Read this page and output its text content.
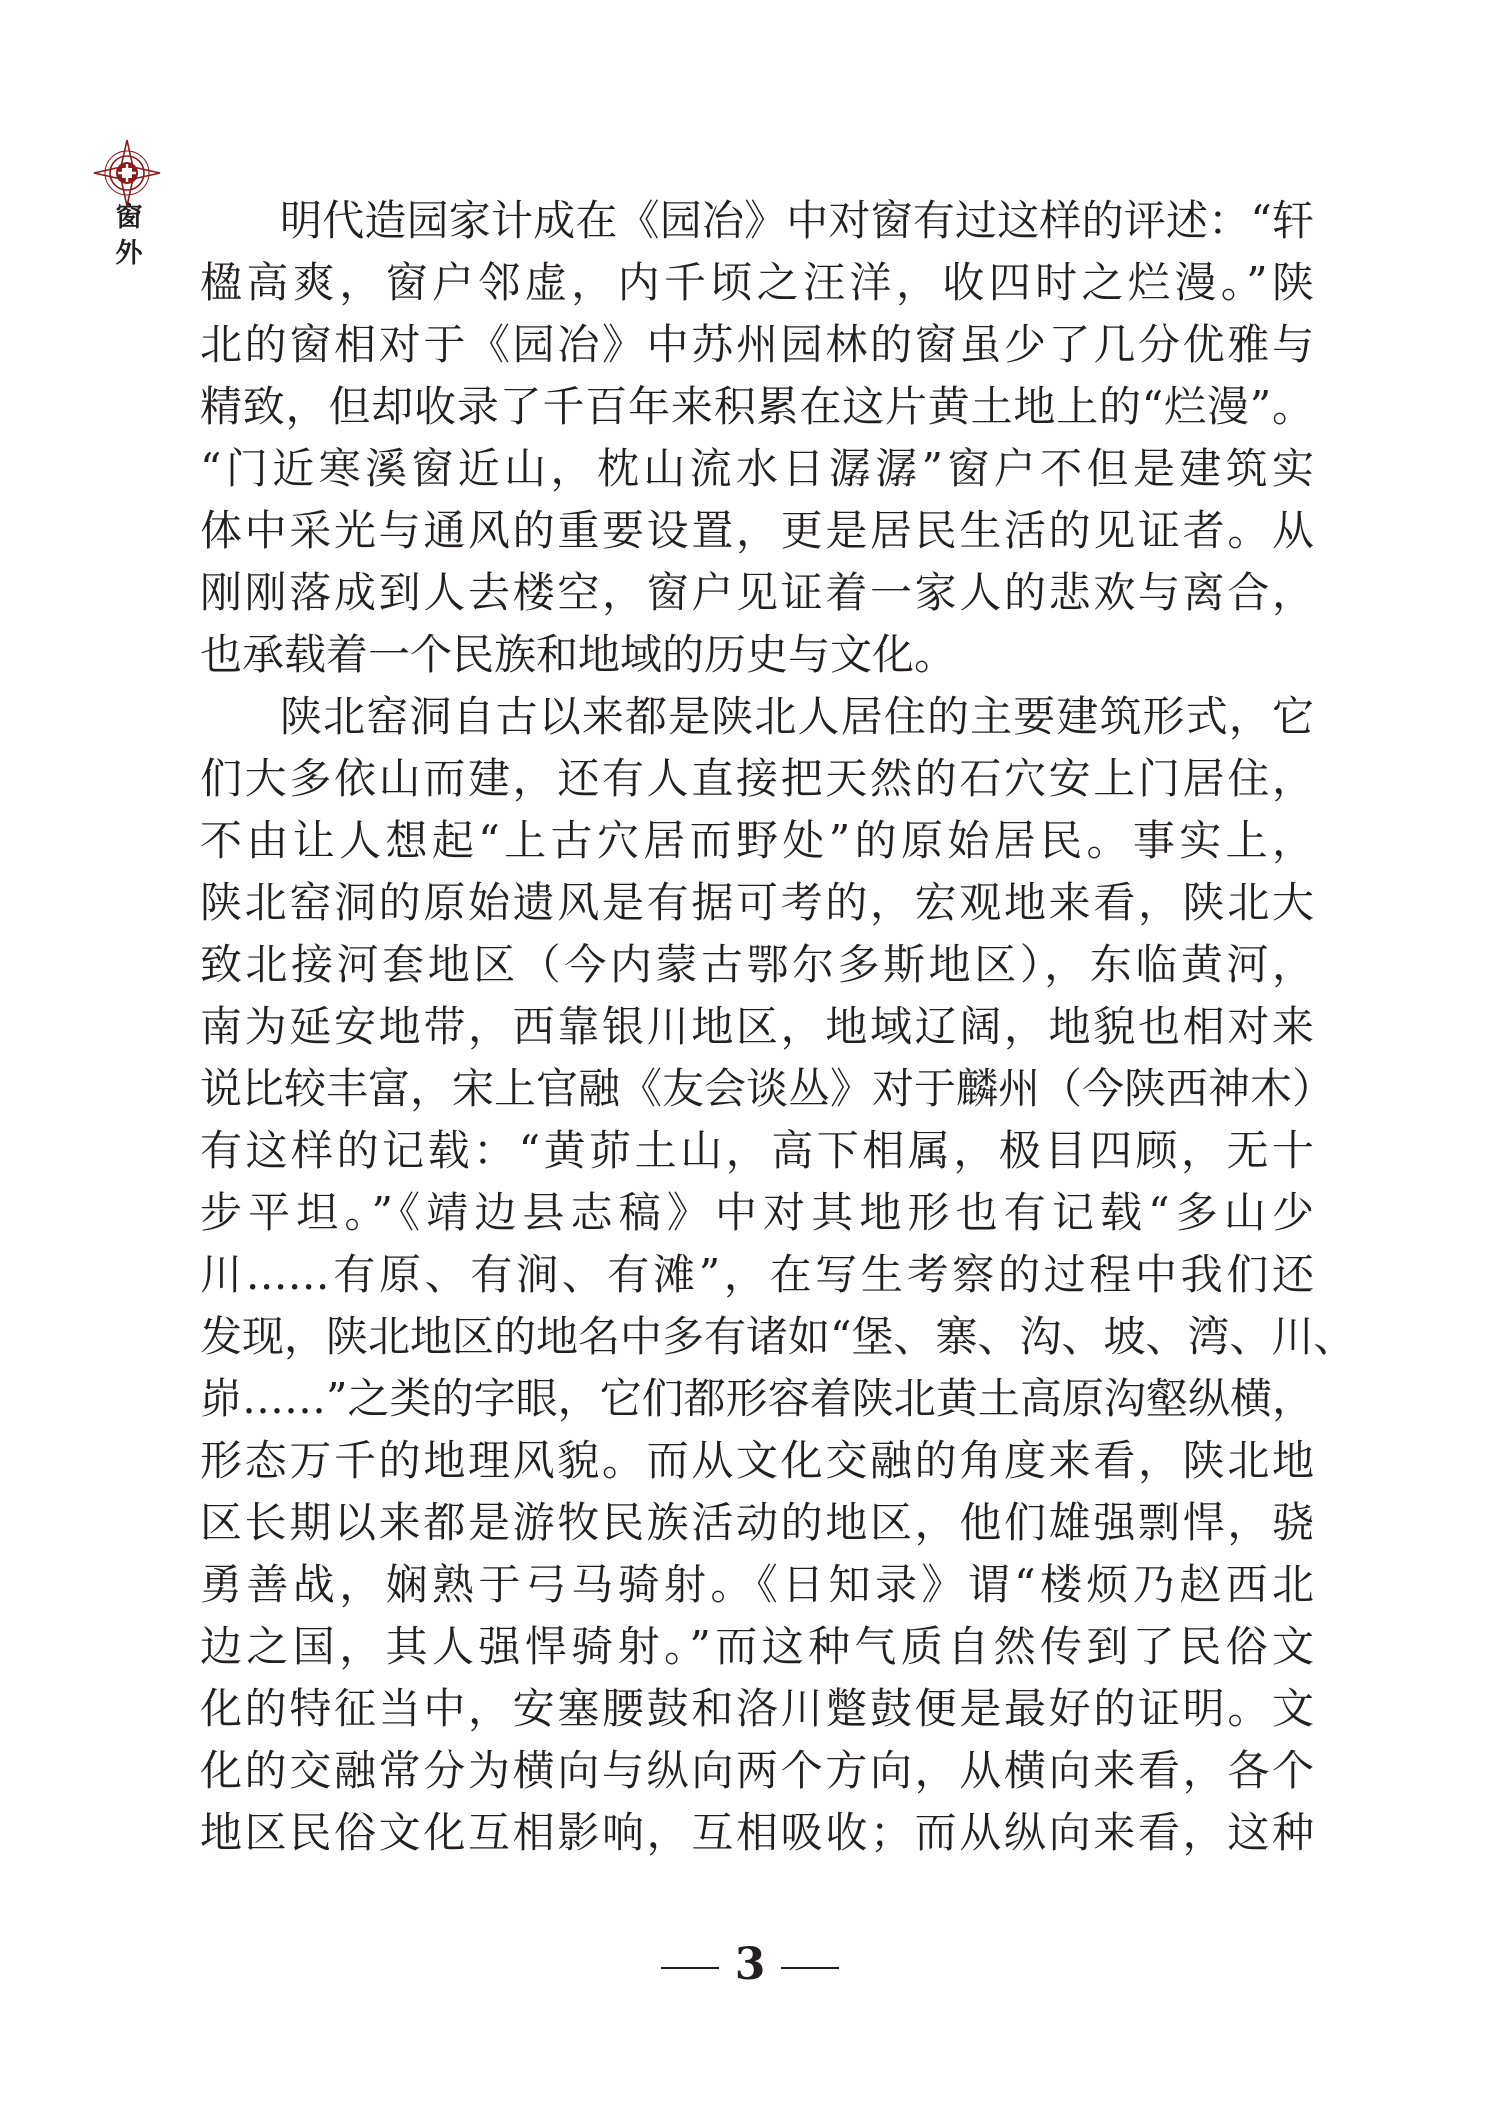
窗
外
明代造园家计成在《园冶》中对窗有过这样的评述：“轩
楹高爽，窗户邻虚，内千顷之汪洋，收四时之烂漫。”陕
北的窗相对于《园冶》中苏州园林的窗虽少了几分优雅与
精致，但却收录了千百年来积累在这片黄土地上的“烂漫”。
“门近寒溪窗近山，枕山流水日潺潺”窗户不但是建筑实
体中采光与通风的重要设置，更是居民生活的见证者。从
刚刚落成到人去楼空，窗户见证着一家人的悲欢与离合，
也承载着一个民族和地域的历史与文化。
陕北窑洞自古以来都是陕北人居住的主要建筑形式，它
们大多依山而建，还有人直接把天然的石穴安上门居住，
不由让人想起“上古穴居而野处”的原始居民。事实上，
陕北窑洞的原始遗风是有据可考的，宏观地来看，陕北大
致北接河套地区（今内蒙古鄂尔多斯地区），东临黄河，
南为延安地带，西靠银川地区，地域辽阔，地貌也相对来
说比较丰富，宋上官融《友会谈丛》对于麟州（今陕西神木）
有这样的记载：“黄茆土山，高下相属，极目四顾，无十
步平坦。”《靖边县志稿》中对其地形也有记载“多山少
川……有原、有涧、有滩”，在写生考察的过程中我们还
发现，陕北地区的地名中多有诸如“堡、寨、沟、坡、湾、川、
峁……”之类的字眼，它们都形容着陕北黄土高原沟壑纵横，
形态万千的地理风貌。而从文化交融的角度来看，陕北地
区长期以来都是游牧民族活动的地区，他们雄强剽悍，骁
勇善战，娴熟于弓马骑射。《日知录》谓“楼烦乃赵西北
边之国，其人强悍骑射。”而这种气质自然传到了民俗文
化的特征当中，安塞腰鼓和洛川蹩鼓便是最好的证明。文
化的交融常分为横向与纵向两个方向，从横向来看，各个
地区民俗文化互相影响，互相吸收；而从纵向来看，这种
3
